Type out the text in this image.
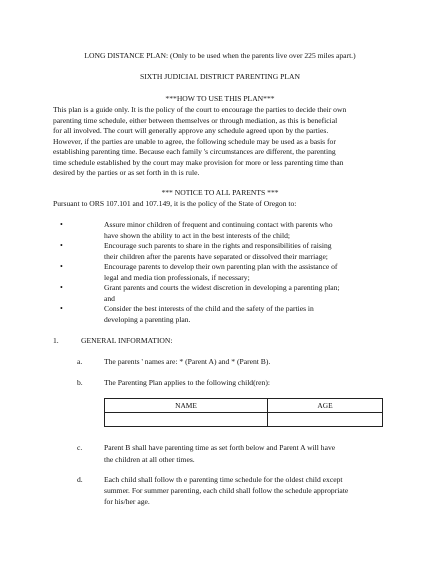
LONG DISTANCE PLAN: (Only to be used when the parents live over 225 miles apart.)
SIXTH JUDICIAL DISTRICT PARENTING PLAN
***HOW TO USE THIS PLAN***
This plan is a guide only. It is the policy of the court to encourage the parties to decide their own
parenting time schedule, either between themselves or through mediation, as this is beneficial
for all involved. The court will generally approve any schedule agreed upon by the parties.
However, if the parties are unable to agree, the following schedule may be used as a basis for
establishing parenting time. Because each family 's circumstances are different, the parenting
time schedule established by the court may make provision for more or less parenting time than
desired by the parties or as set forth in th is rule.
*** NOTICE TO ALL PARENTS ***
Pursuant to ORS 107.101 and 107.149, it is the policy of the State of Oregon to:
•	Assure minor children of frequent and continuing contact with parents who
have shown the ability to act in the best interests of the child;
•	Encourage such parents to share in the rights and responsibilities of raising
their children after the parents have separated or dissolved their marriage;
•	Encourage parents to develop their own parenting plan with the assistance of
legal and media tion professionals, if necessary;
•	Grant parents and courts the widest discretion in developing a parenting plan;
and
•	Consider the best interests of the child and the safety of the parties in
developing a parenting plan.
1.	GENERAL INFORMATION:
a.	The parents ' names are: * (Parent A) and * (Parent B).
b.	The Parenting Plan applies to the following child(ren):
NAME	AGE

c.	Parent B shall have parenting time as set forth below and Parent A will have
the children at all other times.
d.	Each child shall follow th e parenting time schedule for the oldest child except
summer. For summer parenting, each child shall follow the schedule appropriate
for his/her age.
